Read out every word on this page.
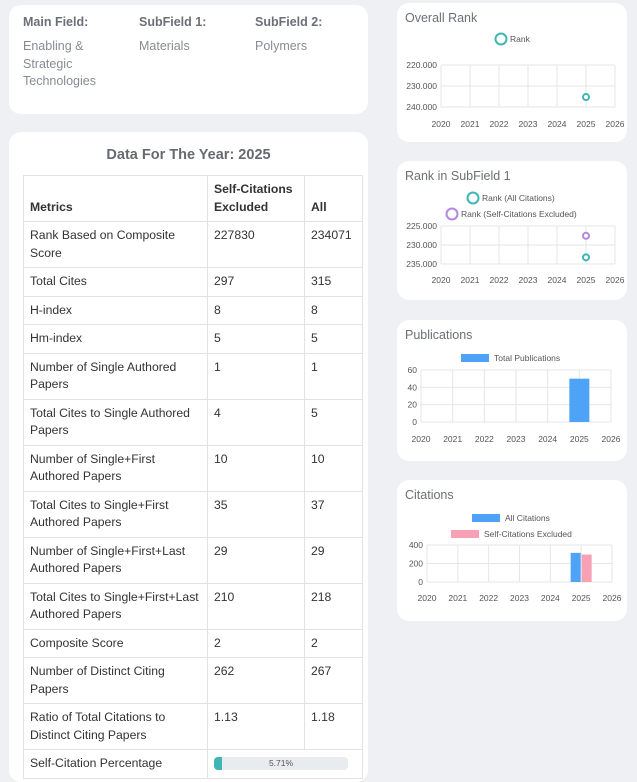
Main Field:
Enabling & Strategic Technologies
SubField 1:
Materials
SubField 2:
Polymers
Data For The Year: 2025
Metrics	Self-Citations Excluded	All
Rank Based on Composite Score	227830	234071
Total Cites	297	315
H-index	8	8
Hm-index	5	5
Number of Single Authored Papers	1	1
Total Cites to Single Authored Papers	4	5
Number of Single+First Authored Papers	10	10
Total Cites to Single+First Authored Papers	35	37
Number of Single+First+Last Authored Papers	29	29
Total Cites to Single+First+Last Authored Papers	210	218
Composite Score	2	2
Number of Distinct Citing Papers	262	267
Ratio of Total Citations to Distinct Citing Papers	1.13	1.18
Self-Citation Percentage	5.71%	
Overall Rank
Rank
2020 2021 2022 2023 2024 2025 2026
220.000
230.000
240.000
Rank in SubField 1
Rank (All Citations)
Rank (Self-Citations Excluded)
2020 2021 2022 2023 2024 2025 2026
225.000
230.000
235.000
Publications
Total Publications
2020 2021 2022 2023 2024 2025 2026
60
40
20
0
Citations
All Citations
Self-Citations Excluded
2020 2021 2022 2023 2024 2025 2026
400
200
0
